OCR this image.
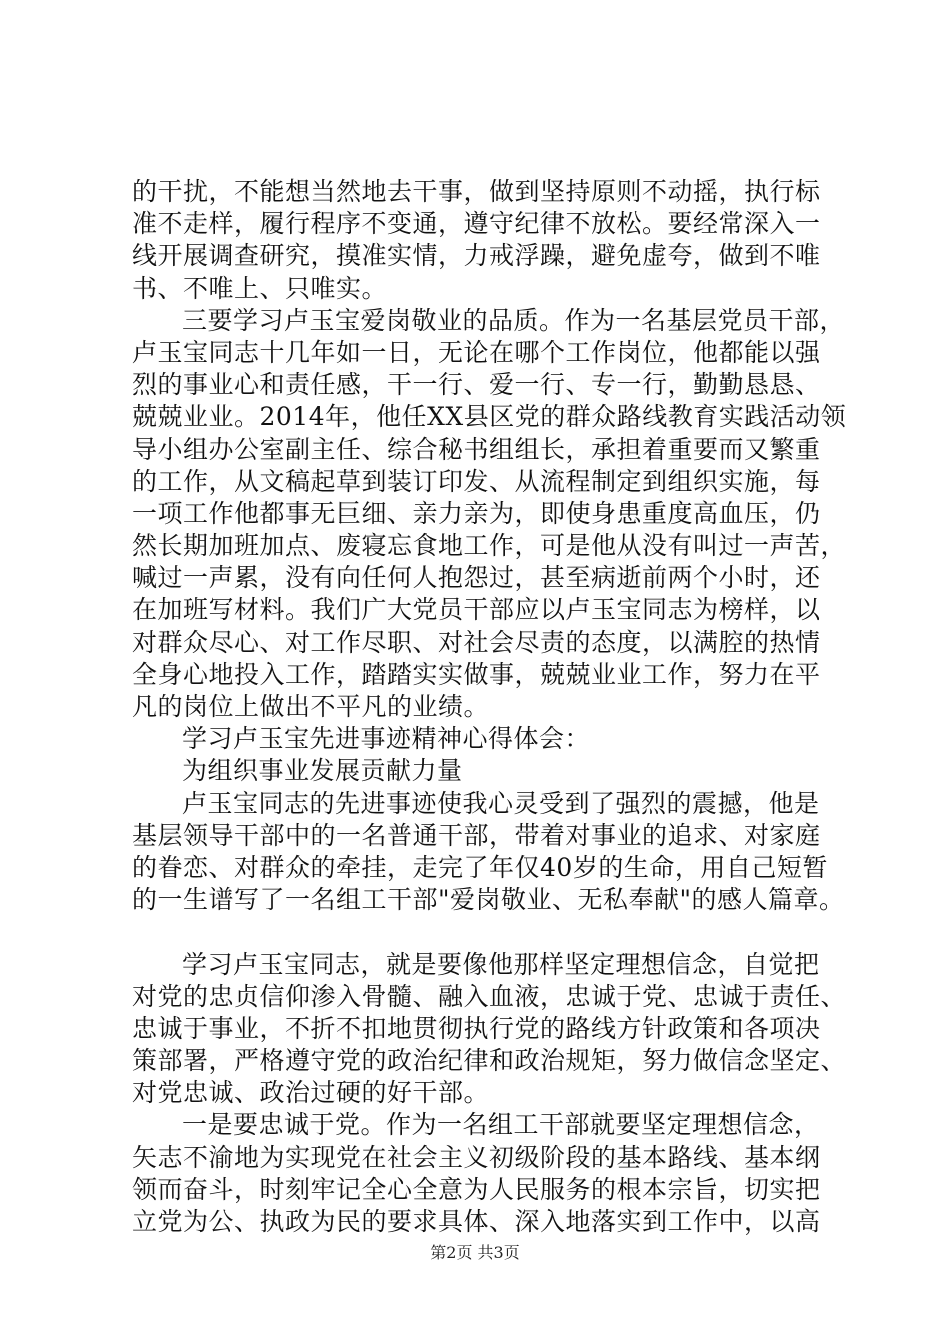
的干扰，不能想当然地去干事，做到坚持原则不动摇，执行标
准不走样，履行程序不变通，遵守纪律不放松。要经常深入一
线开展调查研究，摸准实情，力戒浮躁，避免虚夸，做到不唯
书、不唯上、只唯实。
三要学习卢玉宝爱岗敬业的品质。作为一名基层党员干部，
卢玉宝同志十几年如一日，无论在哪个工作岗位，他都能以强
烈的事业心和责任感，干一行、爱一行、专一行，勤勤恳恳、
兢兢业业。2014年，他任XX县区党的群众路线教育实践活动领
导小组办公室副主任、综合秘书组组长，承担着重要而又繁重
的工作，从文稿起草到装订印发、从流程制定到组织实施，每
一项工作他都事无巨细、亲力亲为，即使身患重度高血压，仍
然长期加班加点、废寝忘食地工作，可是他从没有叫过一声苦，
喊过一声累，没有向任何人抱怨过，甚至病逝前两个小时，还
在加班写材料。我们广大党员干部应以卢玉宝同志为榜样，以
对群众尽心、对工作尽职、对社会尽责的态度，以满腔的热情
全身心地投入工作，踏踏实实做事，兢兢业业工作，努力在平
凡的岗位上做出不平凡的业绩。
学习卢玉宝先进事迹精神心得体会：
为组织事业发展贡献力量
卢玉宝同志的先进事迹使我心灵受到了强烈的震撼，他是
基层领导干部中的一名普通干部，带着对事业的追求、对家庭
的眷恋、对群众的牵挂，走完了年仅40岁的生命，用自己短暂
的一生谱写了一名组工干部"爱岗敬业、无私奉献"的感人篇章。
学习卢玉宝同志，就是要像他那样坚定理想信念，自觉把
对党的忠贞信仰渗入骨髓、融入血液，忠诚于党、忠诚于责任、
忠诚于事业，不折不扣地贯彻执行党的路线方针政策和各项决
策部署，严格遵守党的政治纪律和政治规矩，努力做信念坚定、
对党忠诚、政治过硬的好干部。
一是要忠诚于党。作为一名组工干部就要坚定理想信念，
矢志不渝地为实现党在社会主义初级阶段的基本路线、基本纲
领而奋斗，时刻牢记全心全意为人民服务的根本宗旨，切实把
立党为公、执政为民的要求具体、深入地落实到工作中，以高
第2页 共3页
